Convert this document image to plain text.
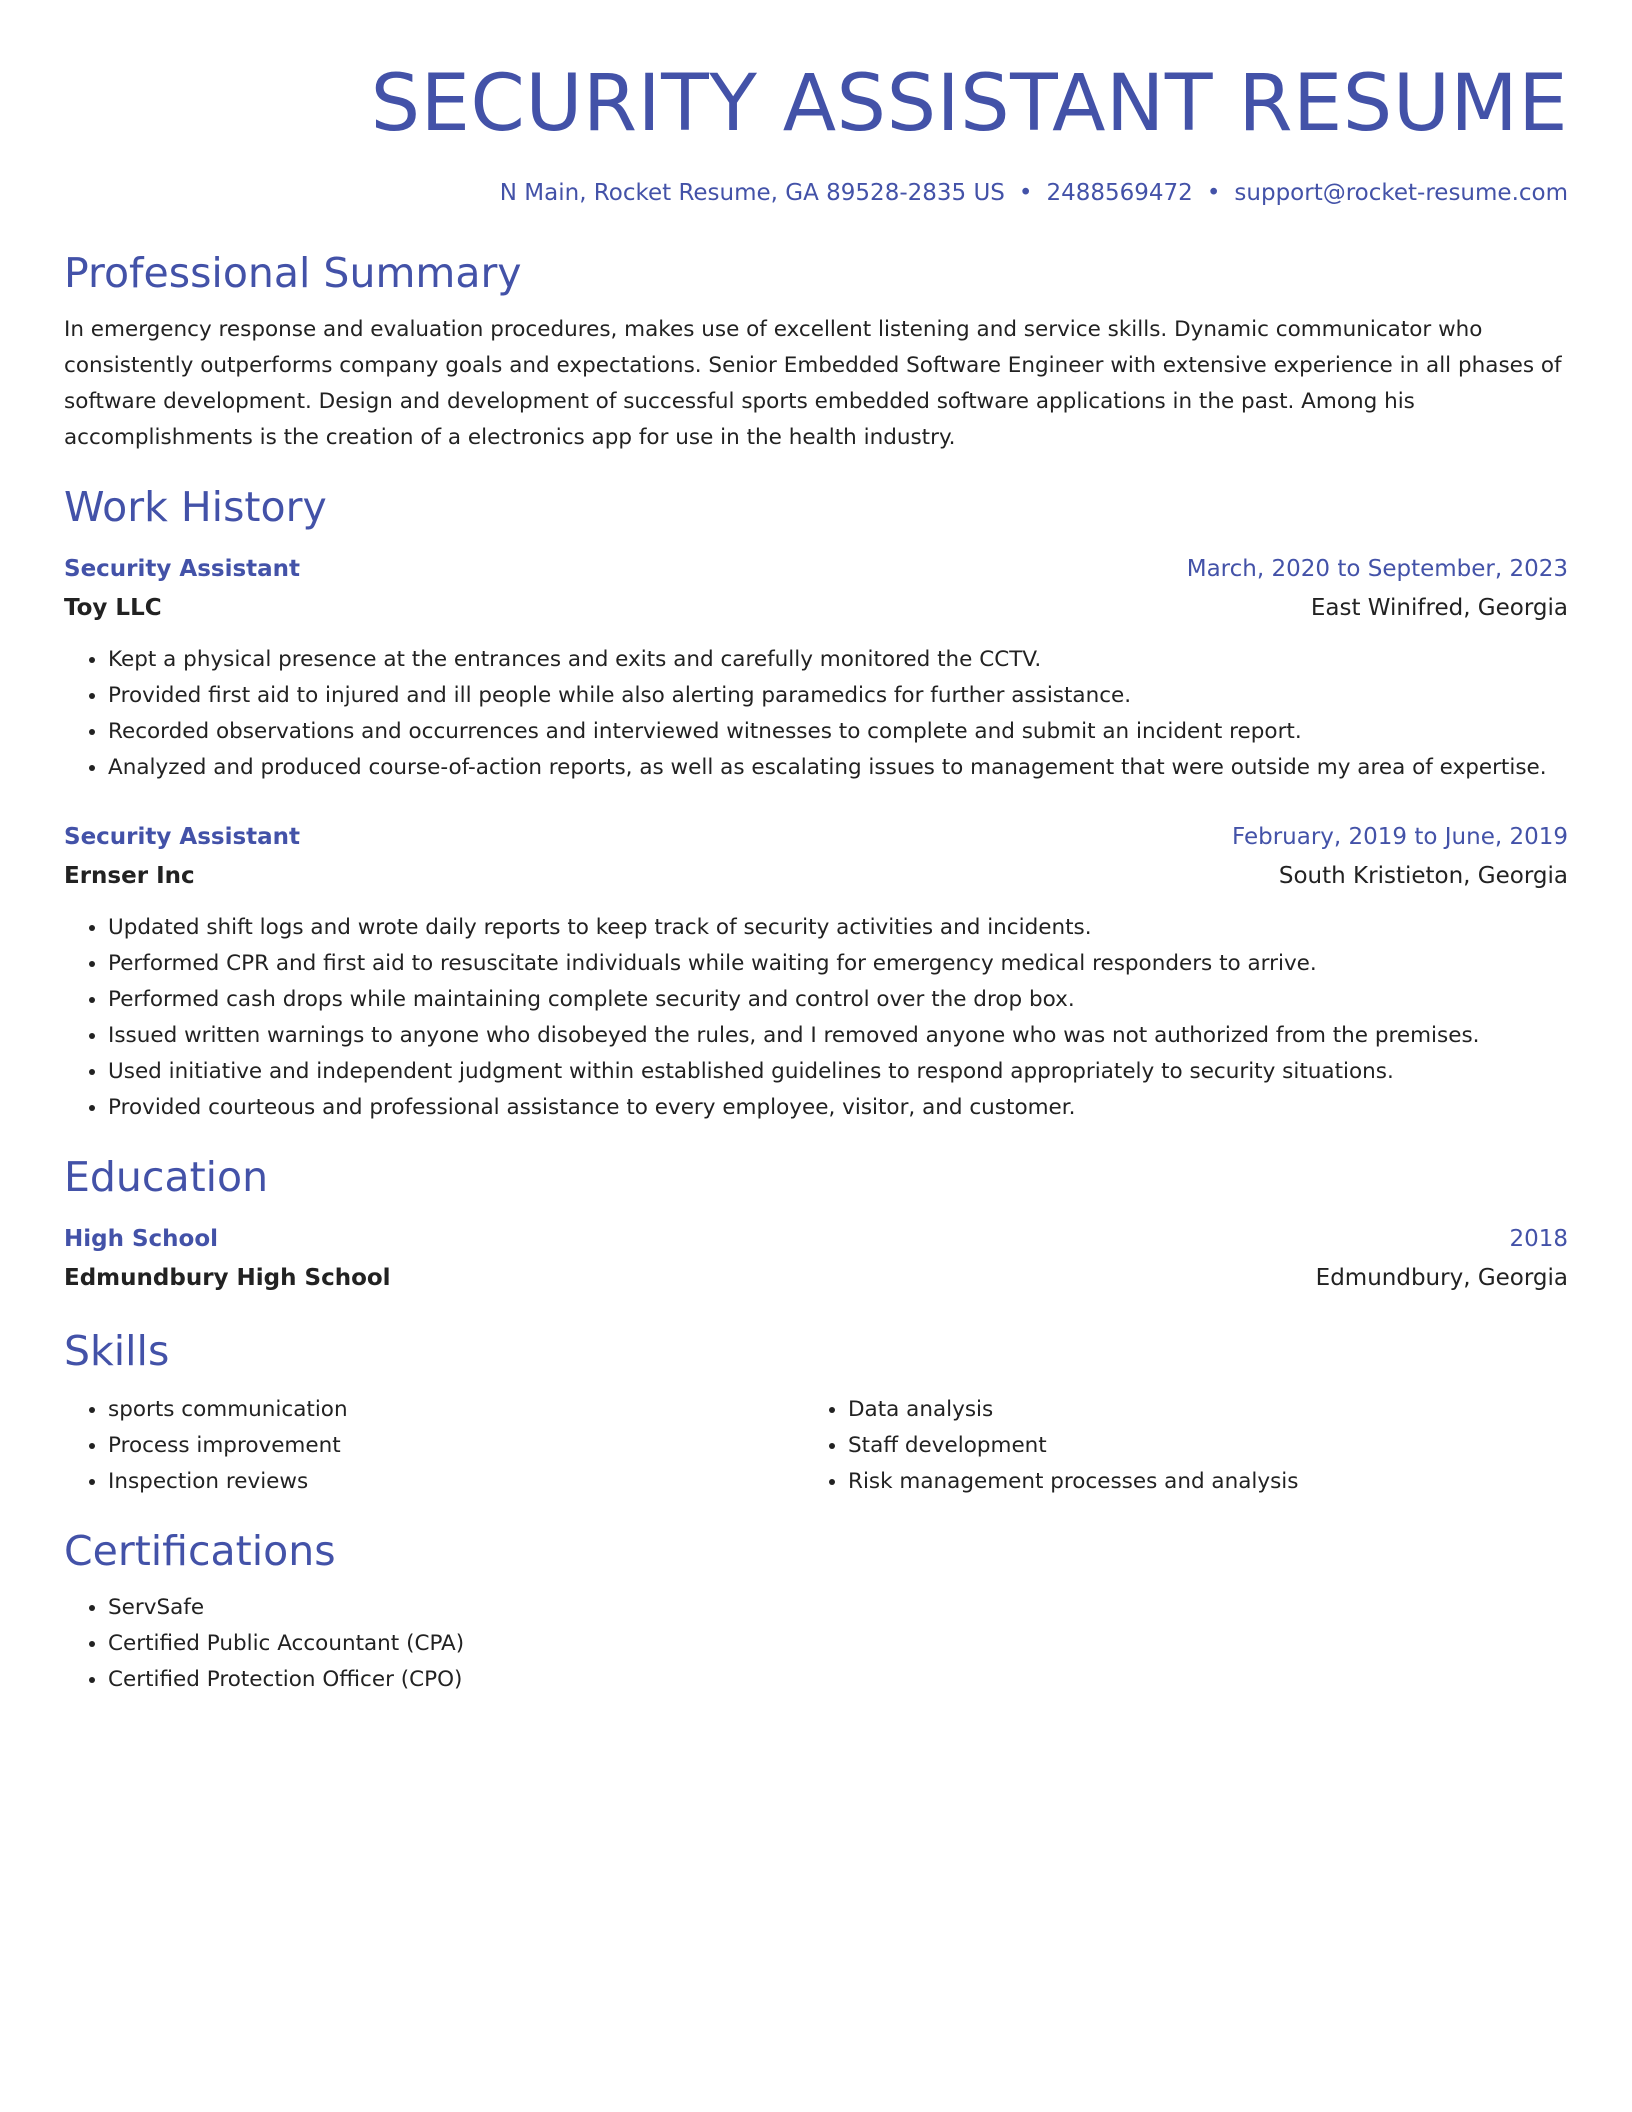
SECURITY ASSISTANT RESUME
N Main, Rocket Resume, GA 89528-2835 US • 2488569472 • support@rocket-resume.com
Professional Summary

In emergency response and evaluation procedures, makes use of excellent listening and service skills. Dynamic communicator who consistently outperforms company goals and expectations. Senior Embedded Software Engineer with extensive experience in all phases of software development. Design and development of successful sports embedded software applications in the past. Among his accomplishments is the creation of a electronics app for use in the health industry.

Work History
Security Assistant	March, 2020 to September, 2023
Toy LLC	East Winifred, Georgia
• Kept a physical presence at the entrances and exits and carefully monitored the CCTV.
• Provided first aid to injured and ill people while also alerting paramedics for further assistance.
• Recorded observations and occurrences and interviewed witnesses to complete and submit an incident report.
• Analyzed and produced course-of-action reports, as well as escalating issues to management that were outside my area of expertise.
Security Assistant	February, 2019 to June, 2019
Ernser Inc	South Kristieton, Georgia
• Updated shift logs and wrote daily reports to keep track of security activities and incidents.
• Performed CPR and first aid to resuscitate individuals while waiting for emergency medical responders to arrive.
• Performed cash drops while maintaining complete security and control over the drop box.
• Issued written warnings to anyone who disobeyed the rules, and I removed anyone who was not authorized from the premises.
• Used initiative and independent judgment within established guidelines to respond appropriately to security situations.
• Provided courteous and professional assistance to every employee, visitor, and customer.
Education
High School	2018
Edmundbury High School	Edmundbury, Georgia
Skills
• sports communication
• Process improvement
• Inspection reviews
• Data analysis
• Staff development
• Risk management processes and analysis
Certifications
• ServSafe
• Certified Public Accountant (CPA)
• Certified Protection Officer (CPO)
